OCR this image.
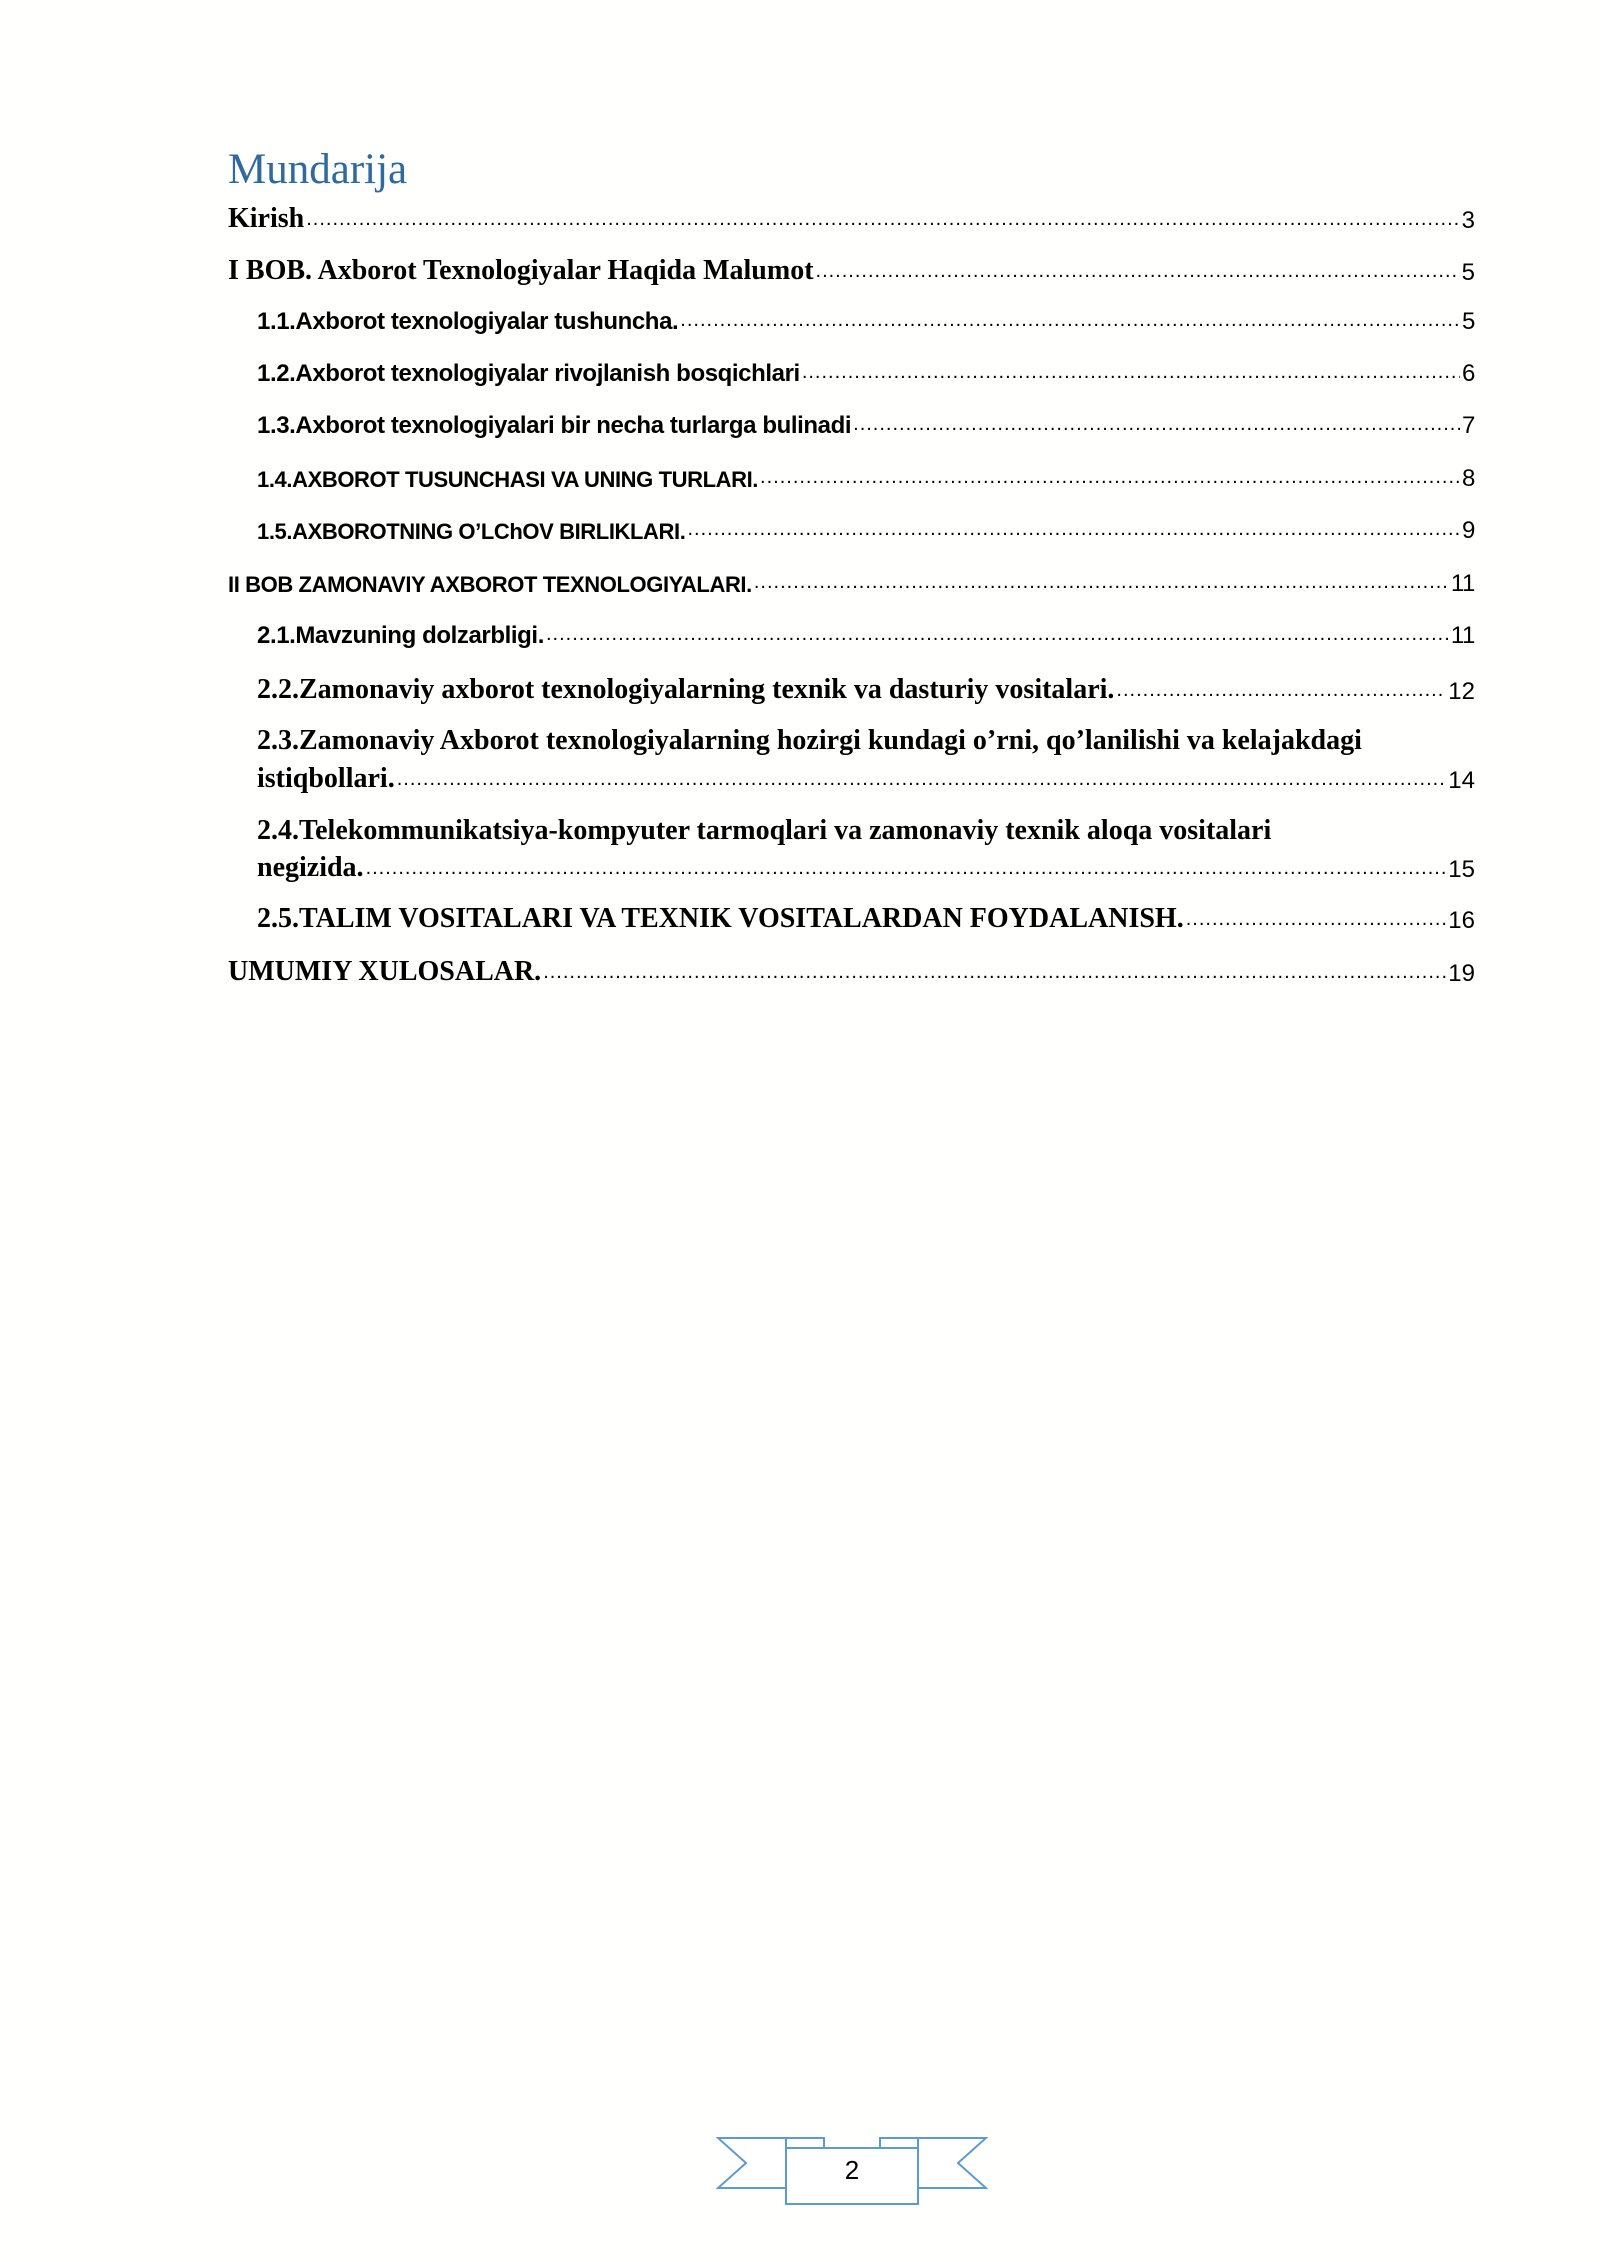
Mundarija
Kirish .....	3
I BOB. Axborot Texnologiyalar Haqida Malumot .....	5
1.1.Axborot texnologiyalar tushuncha. .....	5
1.2.Axborot texnologiyalar rivojlanish bosqichlari .....	6
1.3.Axborot texnologiyalari bir necha turlarga bulinadi .....	7
1.4.AXBOROT TUSUNCHASI VA UNING TURLARI. .....	8
1.5.AXBOROTNING O’LChOV BIRLIKLARI. .....	9
II BOB ZAMONAVIY AXBOROT TEXNOLOGIYALARI. .....	11
2.1.Mavzuning dolzarbligi. .....	11
2.2.Zamonaviy axborot texnologiyalarning texnik va dasturiy vositalari. .....	12
2.3.Zamonaviy Axborot texnologiyalarning hozirgi kundagi o’rni, qo’lanilishi va kelajakdagi
istiqbollari. .....	14
2.4.Telekommunikatsiya-kompyuter tarmoqlari va zamonaviy texnik aloqa vositalari
negizida. .....	15
2.5.TALIM VOSITALARI VA TEXNIK VOSITALARDAN FOYDALANISH. .....	16
UMUMIY XULOSALAR. .....	19
2
